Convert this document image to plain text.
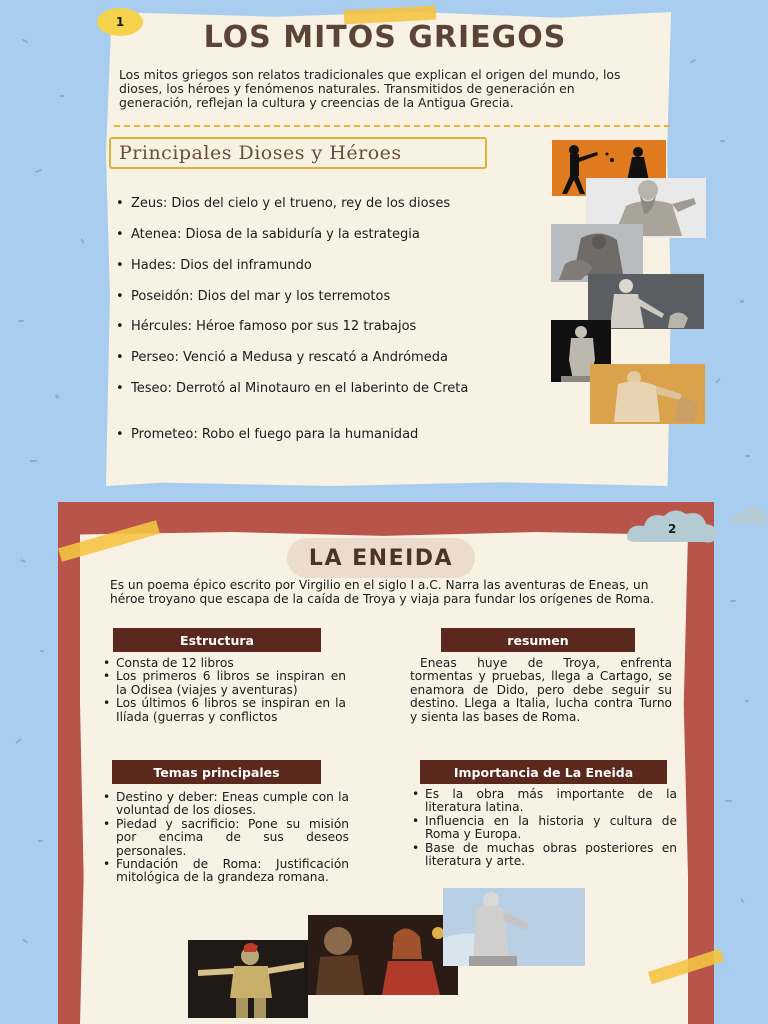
1	LOS MITOS GRIEGOS

Los mitos griegos son relatos tradicionales que explican el origen del mundo, los dioses, los héroes y fenómenos naturales. Transmitidos de generación en generación, reflejan la cultura y creencias de la Antigua Grecia.

Principales Dioses y Héroes
• Zeus: Dios del cielo y el trueno, rey de los dioses
• Atenea: Diosa de la sabiduría y la estrategia
• Hades: Dios del inframundo
• Poseidón: Dios del mar y los terremotos
• Hércules: Héroe famoso por sus 12 trabajos
• Perseo: Venció a Medusa y rescató a Andrómeda
• Teseo: Derrotó al Minotauro en el laberinto de Creta
• Prometeo: Robo el fuego para la humanidad
2
LA ENEIDA

Es un poema épico escrito por Virgilio en el siglo I a.C. Narra las aventuras de Eneas, un héroe troyano que escapa de la caída de Troya y viaja para fundar los orígenes de Roma.

Estructura
• Consta de 12 libros
• Los primeros 6 libros se inspiran en la Odisea (viajes y aventuras)
• Los últimos 6 libros se inspiran en la Ilíada (guerras y conflictos
resumen

Eneas huye de Troya, enfrenta tormentas y pruebas, llega a Cartago, se enamora de Dido, pero debe seguir su destino. Llega a Italia, lucha contra Turno y sienta las bases de Roma.

Temas principales
• Destino y deber: Eneas cumple con la voluntad de los dioses.
• Piedad y sacrificio: Pone su misión por encima de sus deseos personales.
• Fundación de Roma: Justificación mitológica de la grandeza romana.
Importancia de La Eneida
• Es la obra más importante de la literatura latina.
• Influencia en la historia y cultura de Roma y Europa.
• Base de muchas obras posteriores en literatura y arte.
